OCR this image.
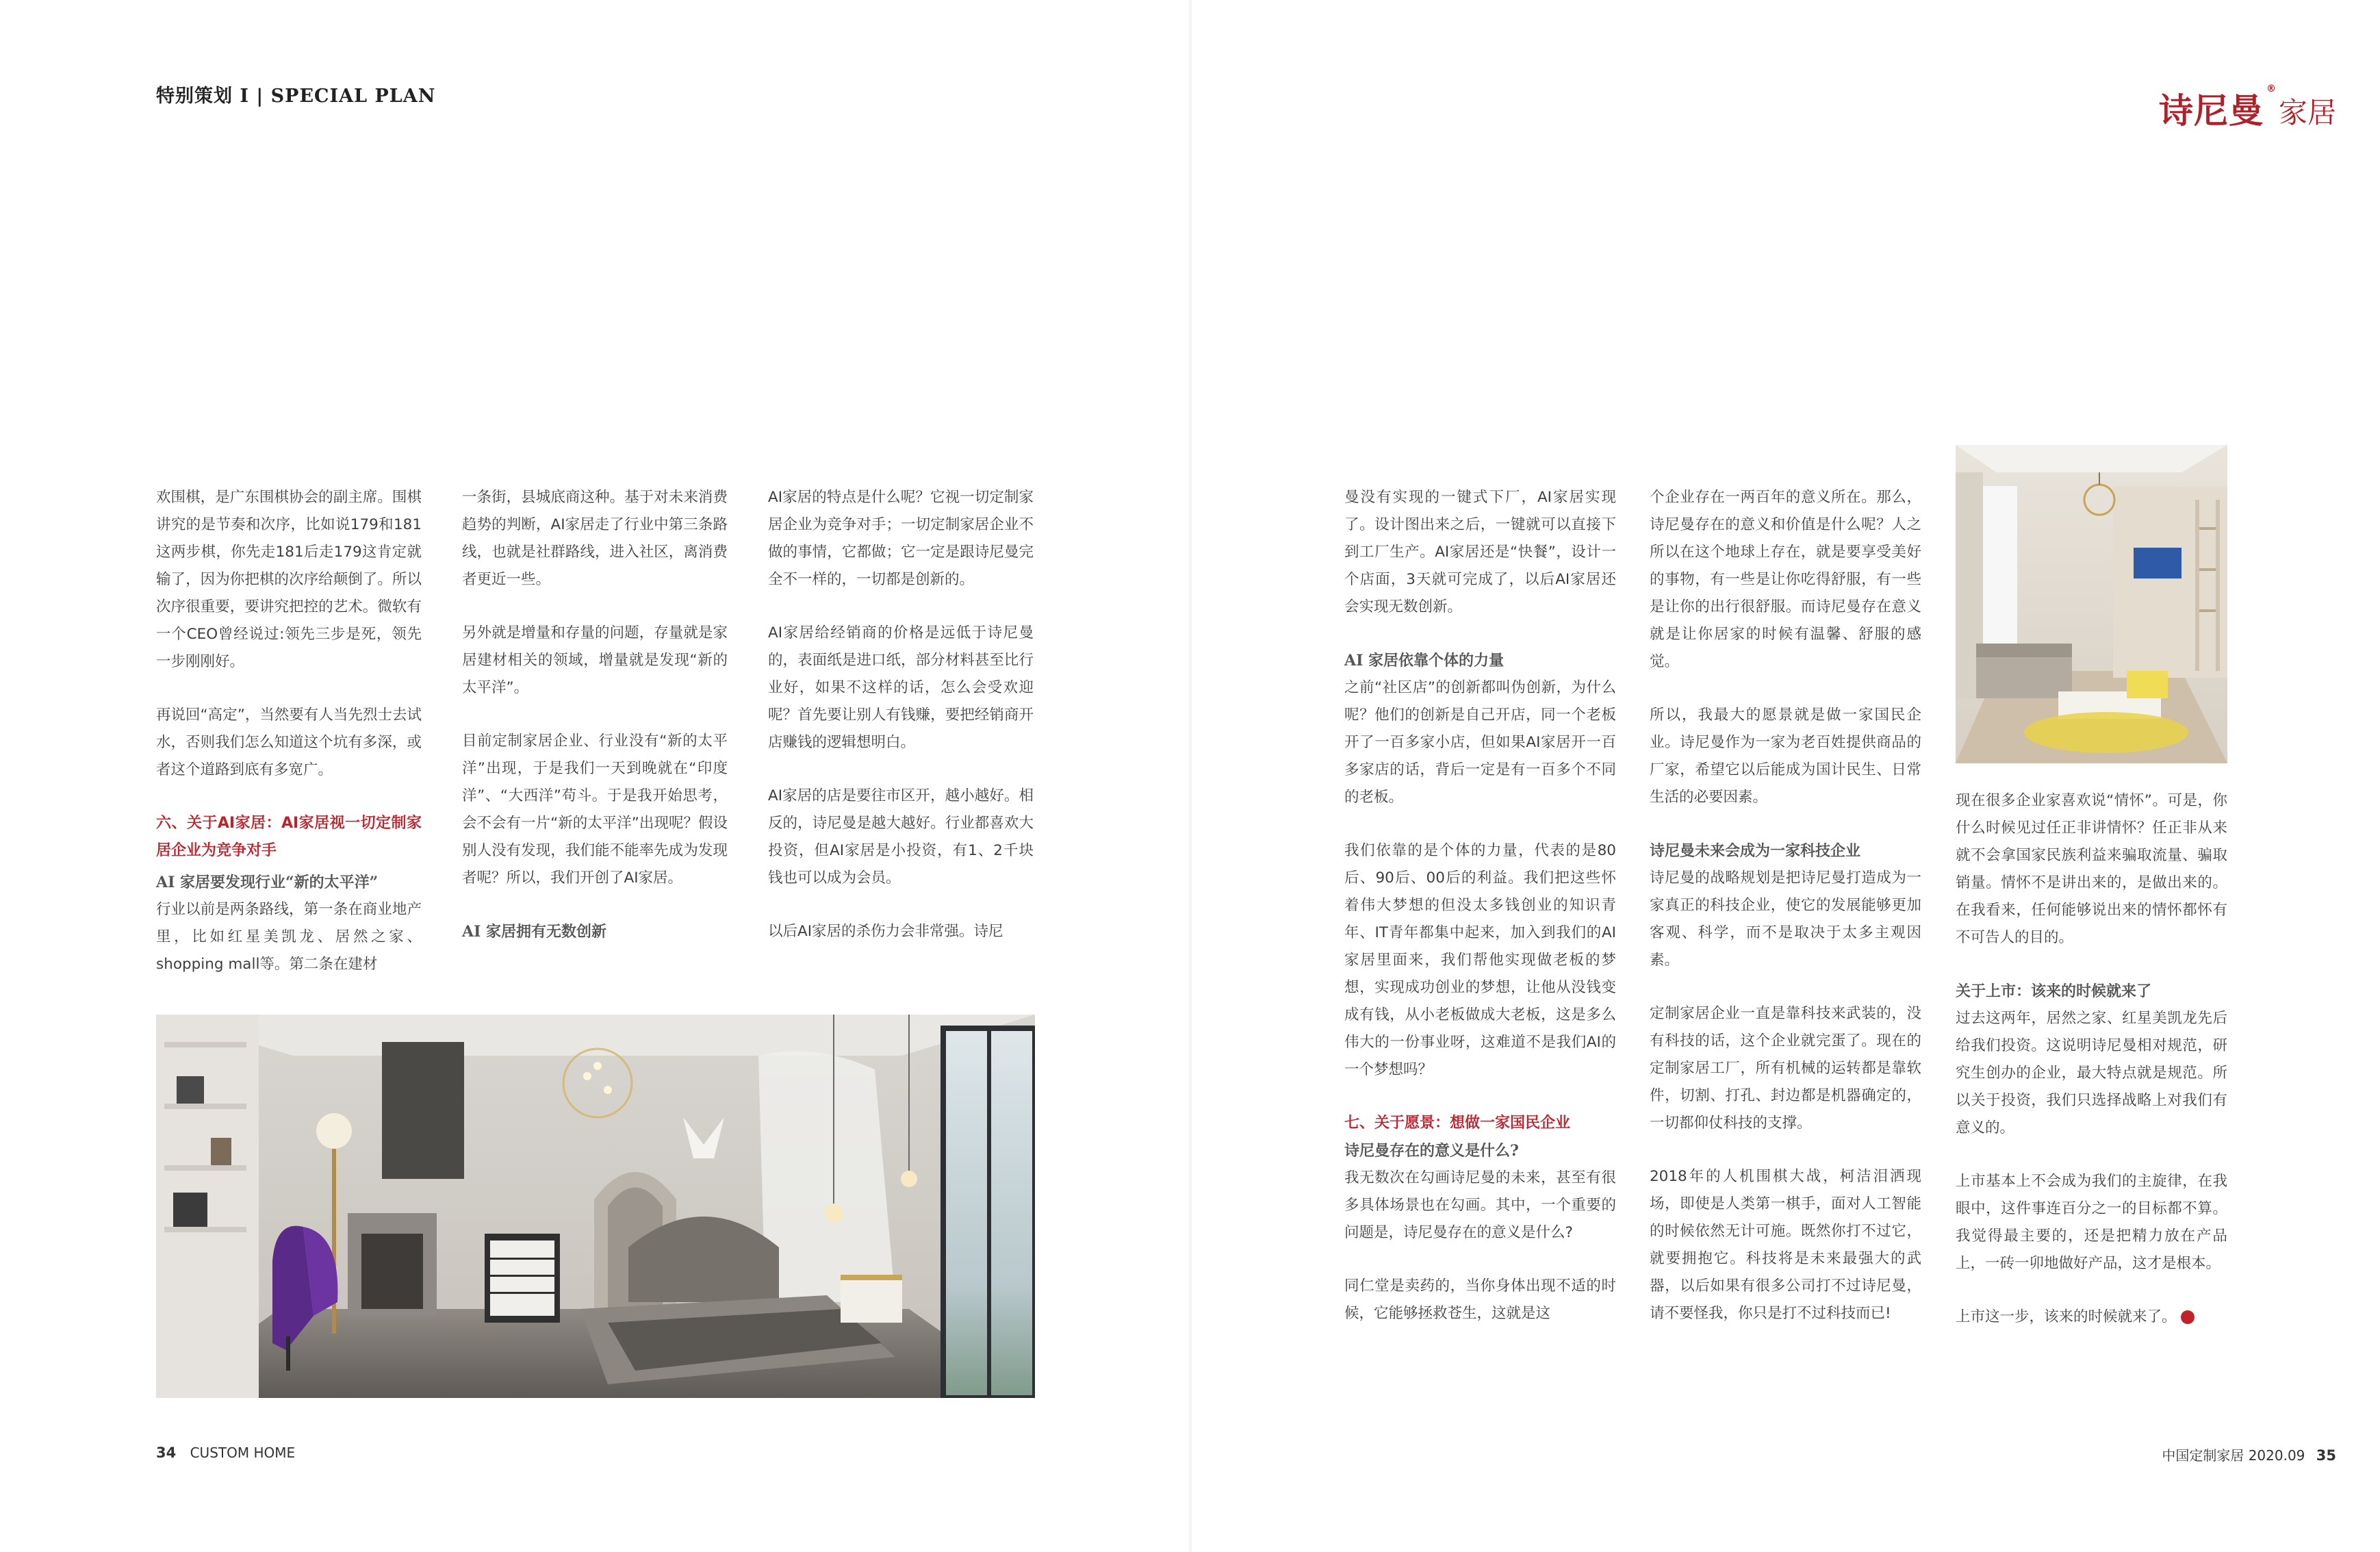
特别策划 I | SPECIAL PLAN

欢围棋，是广东围棋协会的副主席。围棋讲究的是节奏和次序，比如说179和181这两步棋，你先走181后走179这肯定就输了，因为你把棋的次序给颠倒了。所以次序很重要，要讲究把控的艺术。微软有一个CEO曾经说过:领先三步是死，领先一步刚刚好。

再说回“高定”，当然要有人当先烈士去试水，否则我们怎么知道这个坑有多深，或者这个道路到底有多宽广。

六、关于AI家居：AI家居视一切定制家居企业为竞争对手
AI 家居要发现行业“新的太平洋”

行业以前是两条路线，第一条在商业地产里，比如红星美凯龙、居然之家、shopping mall等。第二条在建材

一条街，县城底商这种。基于对未来消费趋势的判断，AI家居走了行业中第三条路线，也就是社群路线，进入社区，离消费者更近一些。

另外就是增量和存量的问题，存量就是家居建材相关的领域，增量就是发现“新的太平洋”。

目前定制家居企业、行业没有“新的太平洋”出现，于是我们一天到晚就在“印度洋”、“大西洋”苟斗。于是我开始思考，会不会有一片“新的太平洋”出现呢？假设别人没有发现，我们能不能率先成为发现者呢？所以，我们开创了AI家居。

AI 家居拥有无数创新

AI家居的特点是什么呢？它视一切定制家居企业为竞争对手；一切定制家居企业不做的事情，它都做；它一定是跟诗尼曼完全不一样的，一切都是创新的。

AI家居给经销商的价格是远低于诗尼曼的，表面纸是进口纸，部分材料甚至比行业好，如果不这样的话，怎么会受欢迎呢？首先要让别人有钱赚，要把经销商开店赚钱的逻辑想明白。

AI家居的店是要往市区开，越小越好。相反的，诗尼曼是越大越好。行业都喜欢大投资，但AI家居是小投资，有1、2千块钱也可以成为会员。

以后AI家居的杀伤力会非常强。诗尼

34 CUSTOM HOME
诗尼曼®家居

曼没有实现的一键式下厂，AI家居实现了。设计图出来之后，一键就可以直接下到工厂生产。AI家居还是“快餐”，设计一个店面，3天就可完成了，以后AI家居还会实现无数创新。

AI 家居依靠个体的力量

之前“社区店”的创新都叫伪创新，为什么呢？他们的创新是自己开店，同一个老板开了一百多家小店，但如果AI家居开一百多家店的话，背后一定是有一百多个不同的老板。

我们依靠的是个体的力量，代表的是80后、90后、00后的利益。我们把这些怀着伟大梦想的但没太多钱创业的知识青年、IT青年都集中起来，加入到我们的AI家居里面来，我们帮他实现做老板的梦想，实现成功创业的梦想，让他从没钱变成有钱，从小老板做成大老板，这是多么伟大的一份事业呀，这难道不是我们AI的一个梦想吗？

七、关于愿景：想做一家国民企业
诗尼曼存在的意义是什么?

我无数次在勾画诗尼曼的未来，甚至有很多具体场景也在勾画。其中，一个重要的问题是，诗尼曼存在的意义是什么?

同仁堂是卖药的，当你身体出现不适的时候，它能够拯救苍生，这就是这

个企业存在一两百年的意义所在。那么，诗尼曼存在的意义和价值是什么呢？人之所以在这个地球上存在，就是要享受美好的事物，有一些是让你吃得舒服，有一些是让你的出行很舒服。而诗尼曼存在意义就是让你居家的时候有温馨、舒服的感觉。

所以，我最大的愿景就是做一家国民企业。诗尼曼作为一家为老百姓提供商品的厂家，希望它以后能成为国计民生、日常生活的必要因素。

诗尼曼未来会成为一家科技企业

诗尼曼的战略规划是把诗尼曼打造成为一家真正的科技企业，使它的发展能够更加客观、科学，而不是取决于太多主观因素。

定制家居企业一直是靠科技来武装的，没有科技的话，这个企业就完蛋了。现在的定制家居工厂，所有机械的运转都是靠软件，切割、打孔、封边都是机器确定的，一切都仰仗科技的支撑。

2018年的人机围棋大战，柯洁泪洒现场，即使是人类第一棋手，面对人工智能的时候依然无计可施。既然你打不过它，就要拥抱它。科技将是未来最强大的武器，以后如果有很多公司打不过诗尼曼，请不要怪我，你只是打不过科技而已!

现在很多企业家喜欢说“情怀”。可是，你什么时候见过任正非讲情怀？任正非从来就不会拿国家民族利益来骗取流量、骗取销量。情怀不是讲出来的，是做出来的。在我看来，任何能够说出来的情怀都怀有不可告人的目的。

关于上市：该来的时候就来了

过去这两年，居然之家、红星美凯龙先后给我们投资。这说明诗尼曼相对规范，研究生创办的企业，最大特点就是规范。所以关于投资，我们只选择战略上对我们有意义的。

上市基本上不会成为我们的主旋律，在我眼中，这件事连百分之一的目标都不算。我觉得最主要的，还是把精力放在产品上，一砖一卯地做好产品，这才是根本。

上市这一步，该来的时候就来了。

中国定制家居 2020.09 35
